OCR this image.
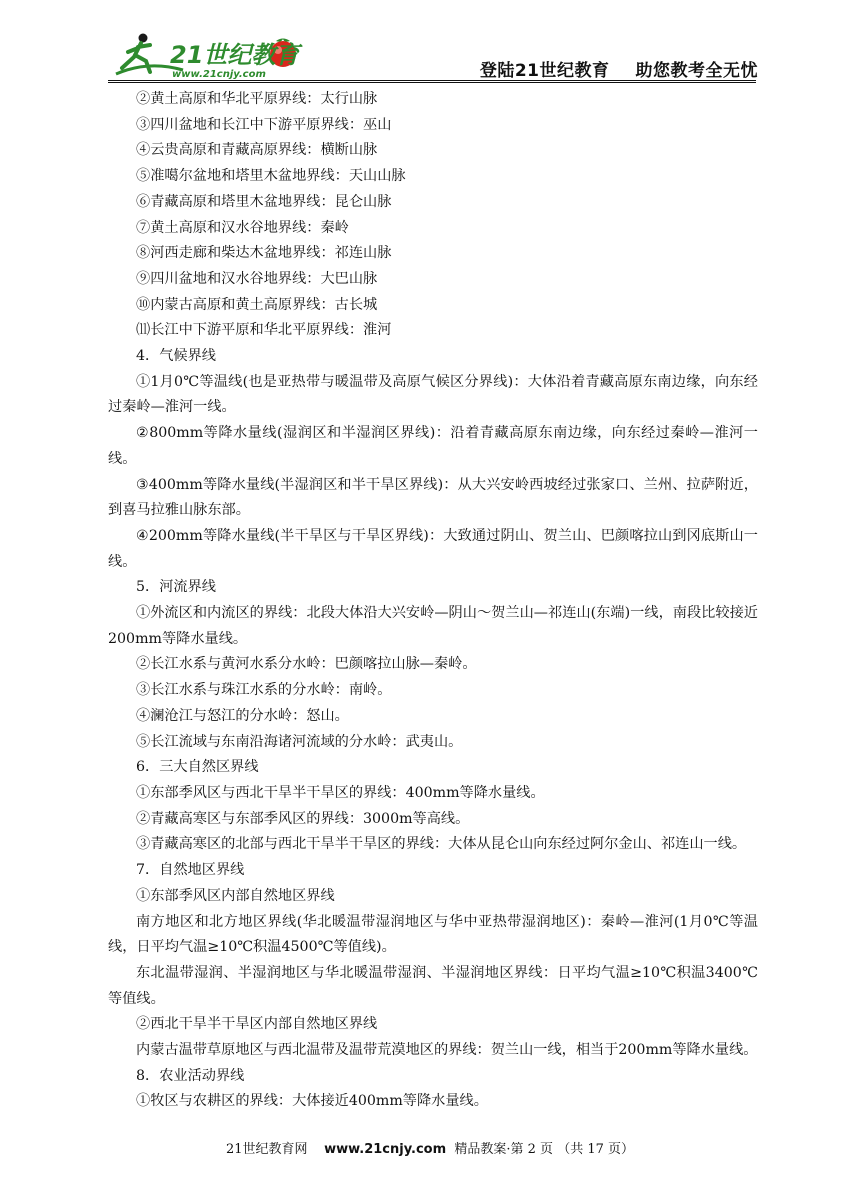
21世纪教育
www.21cnjy.com	登陆21世纪教育 助您教考全无忧

②黄土高原和华北平原界线：太行山脉

③四川盆地和长江中下游平原界线：巫山

④云贵高原和青藏高原界线：横断山脉

⑤准噶尔盆地和塔里木盆地界线：天山山脉

⑥青藏高原和塔里木盆地界线：昆仑山脉

⑦黄土高原和汉水谷地界线：秦岭

⑧河西走廊和柴达木盆地界线：祁连山脉

⑨四川盆地和汉水谷地界线：大巴山脉

⑩内蒙古高原和黄土高原界线：古长城

⑾长江中下游平原和华北平原界线：淮河

4．气候界线

①1月0℃等温线(也是亚热带与暖温带及高原气候区分界线)：大体沿着青藏高原东南边缘，向东经过秦岭—淮河一线。

②800mm等降水量线(湿润区和半湿润区界线)：沿着青藏高原东南边缘，向东经过秦岭—淮河一线。

③400mm等降水量线(半湿润区和半干旱区界线)：从大兴安岭西坡经过张家口、兰州、拉萨附近，到喜马拉雅山脉东部。

④200mm等降水量线(半干旱区与干旱区界线)：大致通过阴山、贺兰山、巴颜喀拉山到冈底斯山一线。

5．河流界线

①外流区和内流区的界线：北段大体沿大兴安岭—阴山～贺兰山—祁连山(东端)一线，南段比较接近200mm等降水量线。

②长江水系与黄河水系分水岭：巴颜喀拉山脉—秦岭。

③长江水系与珠江水系的分水岭：南岭。

④澜沧江与怒江的分水岭：怒山。

⑤长江流域与东南沿海诸河流域的分水岭：武夷山。

6．三大自然区界线

①东部季风区与西北干旱半干旱区的界线：400mm等降水量线。

②青藏高寒区与东部季风区的界线：3000m等高线。

③青藏高寒区的北部与西北干旱半干旱区的界线：大体从昆仑山向东经过阿尔金山、祁连山一线。

7．自然地区界线

①东部季风区内部自然地区界线

南方地区和北方地区界线(华北暖温带湿润地区与华中亚热带湿润地区)：秦岭—淮河(1月0℃等温线，日平均气温≥10℃积温4500℃等值线)。

东北温带湿润、半湿润地区与华北暖温带湿润、半湿润地区界线：日平均气温≥10℃积温3400℃等值线。

②西北干旱半干旱区内部自然地区界线

内蒙古温带草原地区与西北温带及温带荒漠地区的界线：贺兰山一线，相当于200mm等降水量线。

8．农业活动界线

①牧区与农耕区的界线：大体接近400mm等降水量线。

21世纪教育网 www.21cnjy.com 精品教案·第 2 页 （共 17 页）
